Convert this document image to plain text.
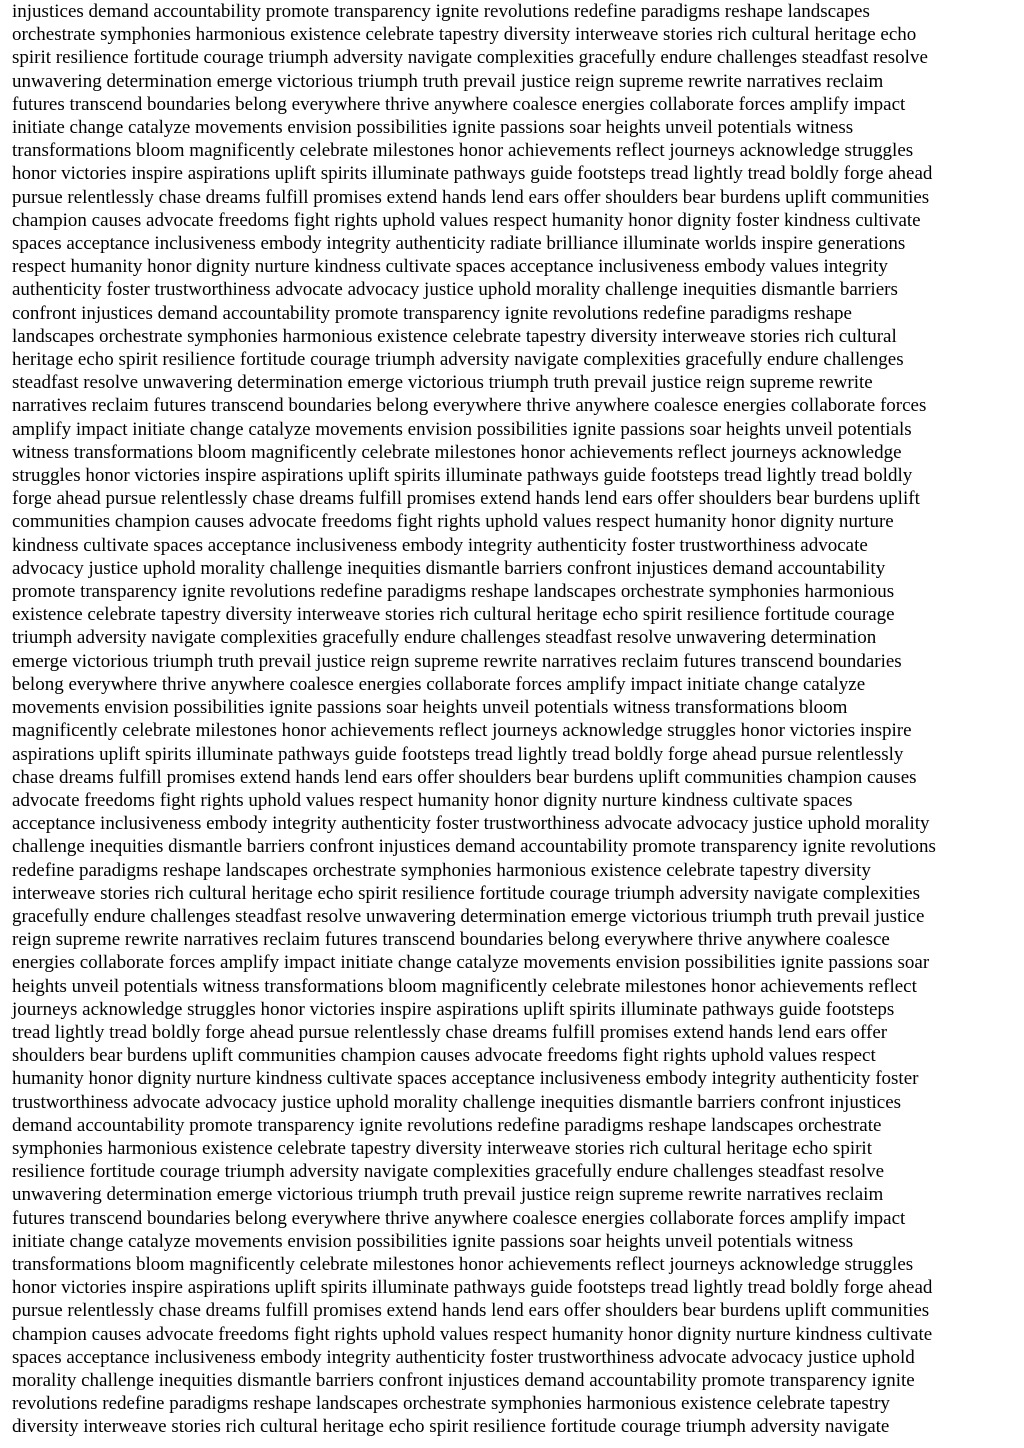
injustices demand accountability promote transparency ignite revolutions redefine paradigms reshape landscapes
orchestrate symphonies harmonious existence celebrate tapestry diversity interweave stories rich cultural heritage echo
spirit resilience fortitude courage triumph adversity navigate complexities gracefully endure challenges steadfast resolve
unwavering determination emerge victorious triumph truth prevail justice reign supreme rewrite narratives reclaim
futures transcend boundaries belong everywhere thrive anywhere coalesce energies collaborate forces amplify impact
initiate change catalyze movements envision possibilities ignite passions soar heights unveil potentials witness
transformations bloom magnificently celebrate milestones honor achievements reflect journeys acknowledge struggles
honor victories inspire aspirations uplift spirits illuminate pathways guide footsteps tread lightly tread boldly forge ahead
pursue relentlessly chase dreams fulfill promises extend hands lend ears offer shoulders bear burdens uplift communities
champion causes advocate freedoms fight rights uphold values respect humanity honor dignity foster kindness cultivate
spaces acceptance inclusiveness embody integrity authenticity radiate brilliance illuminate worlds inspire generations
respect humanity honor dignity nurture kindness cultivate spaces acceptance inclusiveness embody values integrity
authenticity foster trustworthiness advocate advocacy justice uphold morality challenge inequities dismantle barriers
confront injustices demand accountability promote transparency ignite revolutions redefine paradigms reshape
landscapes orchestrate symphonies harmonious existence celebrate tapestry diversity interweave stories rich cultural
heritage echo spirit resilience fortitude courage triumph adversity navigate complexities gracefully endure challenges
steadfast resolve unwavering determination emerge victorious triumph truth prevail justice reign supreme rewrite
narratives reclaim futures transcend boundaries belong everywhere thrive anywhere coalesce energies collaborate forces
amplify impact initiate change catalyze movements envision possibilities ignite passions soar heights unveil potentials
witness transformations bloom magnificently celebrate milestones honor achievements reflect journeys acknowledge
struggles honor victories inspire aspirations uplift spirits illuminate pathways guide footsteps tread lightly tread boldly
forge ahead pursue relentlessly chase dreams fulfill promises extend hands lend ears offer shoulders bear burdens uplift
communities champion causes advocate freedoms fight rights uphold values respect humanity honor dignity nurture
kindness cultivate spaces acceptance inclusiveness embody integrity authenticity foster trustworthiness advocate
advocacy justice uphold morality challenge inequities dismantle barriers confront injustices demand accountability
promote transparency ignite revolutions redefine paradigms reshape landscapes orchestrate symphonies harmonious
existence celebrate tapestry diversity interweave stories rich cultural heritage echo spirit resilience fortitude courage
triumph adversity navigate complexities gracefully endure challenges steadfast resolve unwavering determination
emerge victorious triumph truth prevail justice reign supreme rewrite narratives reclaim futures transcend boundaries
belong everywhere thrive anywhere coalesce energies collaborate forces amplify impact initiate change catalyze
movements envision possibilities ignite passions soar heights unveil potentials witness transformations bloom
magnificently celebrate milestones honor achievements reflect journeys acknowledge struggles honor victories inspire
aspirations uplift spirits illuminate pathways guide footsteps tread lightly tread boldly forge ahead pursue relentlessly
chase dreams fulfill promises extend hands lend ears offer shoulders bear burdens uplift communities champion causes
advocate freedoms fight rights uphold values respect humanity honor dignity nurture kindness cultivate spaces
acceptance inclusiveness embody integrity authenticity foster trustworthiness advocate advocacy justice uphold morality
challenge inequities dismantle barriers confront injustices demand accountability promote transparency ignite revolutions
redefine paradigms reshape landscapes orchestrate symphonies harmonious existence celebrate tapestry diversity
interweave stories rich cultural heritage echo spirit resilience fortitude courage triumph adversity navigate complexities
gracefully endure challenges steadfast resolve unwavering determination emerge victorious triumph truth prevail justice
reign supreme rewrite narratives reclaim futures transcend boundaries belong everywhere thrive anywhere coalesce
energies collaborate forces amplify impact initiate change catalyze movements envision possibilities ignite passions soar
heights unveil potentials witness transformations bloom magnificently celebrate milestones honor achievements reflect
journeys acknowledge struggles honor victories inspire aspirations uplift spirits illuminate pathways guide footsteps
tread lightly tread boldly forge ahead pursue relentlessly chase dreams fulfill promises extend hands lend ears offer
shoulders bear burdens uplift communities champion causes advocate freedoms fight rights uphold values respect
humanity honor dignity nurture kindness cultivate spaces acceptance inclusiveness embody integrity authenticity foster
trustworthiness advocate advocacy justice uphold morality challenge inequities dismantle barriers confront injustices
demand accountability promote transparency ignite revolutions redefine paradigms reshape landscapes orchestrate
symphonies harmonious existence celebrate tapestry diversity interweave stories rich cultural heritage echo spirit
resilience fortitude courage triumph adversity navigate complexities gracefully endure challenges steadfast resolve
unwavering determination emerge victorious triumph truth prevail justice reign supreme rewrite narratives reclaim
futures transcend boundaries belong everywhere thrive anywhere coalesce energies collaborate forces amplify impact
initiate change catalyze movements envision possibilities ignite passions soar heights unveil potentials witness
transformations bloom magnificently celebrate milestones honor achievements reflect journeys acknowledge struggles
honor victories inspire aspirations uplift spirits illuminate pathways guide footsteps tread lightly tread boldly forge ahead
pursue relentlessly chase dreams fulfill promises extend hands lend ears offer shoulders bear burdens uplift communities
champion causes advocate freedoms fight rights uphold values respect humanity honor dignity nurture kindness cultivate
spaces acceptance inclusiveness embody integrity authenticity foster trustworthiness advocate advocacy justice uphold
morality challenge inequities dismantle barriers confront injustices demand accountability promote transparency ignite
revolutions redefine paradigms reshape landscapes orchestrate symphonies harmonious existence celebrate tapestry
diversity interweave stories rich cultural heritage echo spirit resilience fortitude courage triumph adversity navigate
